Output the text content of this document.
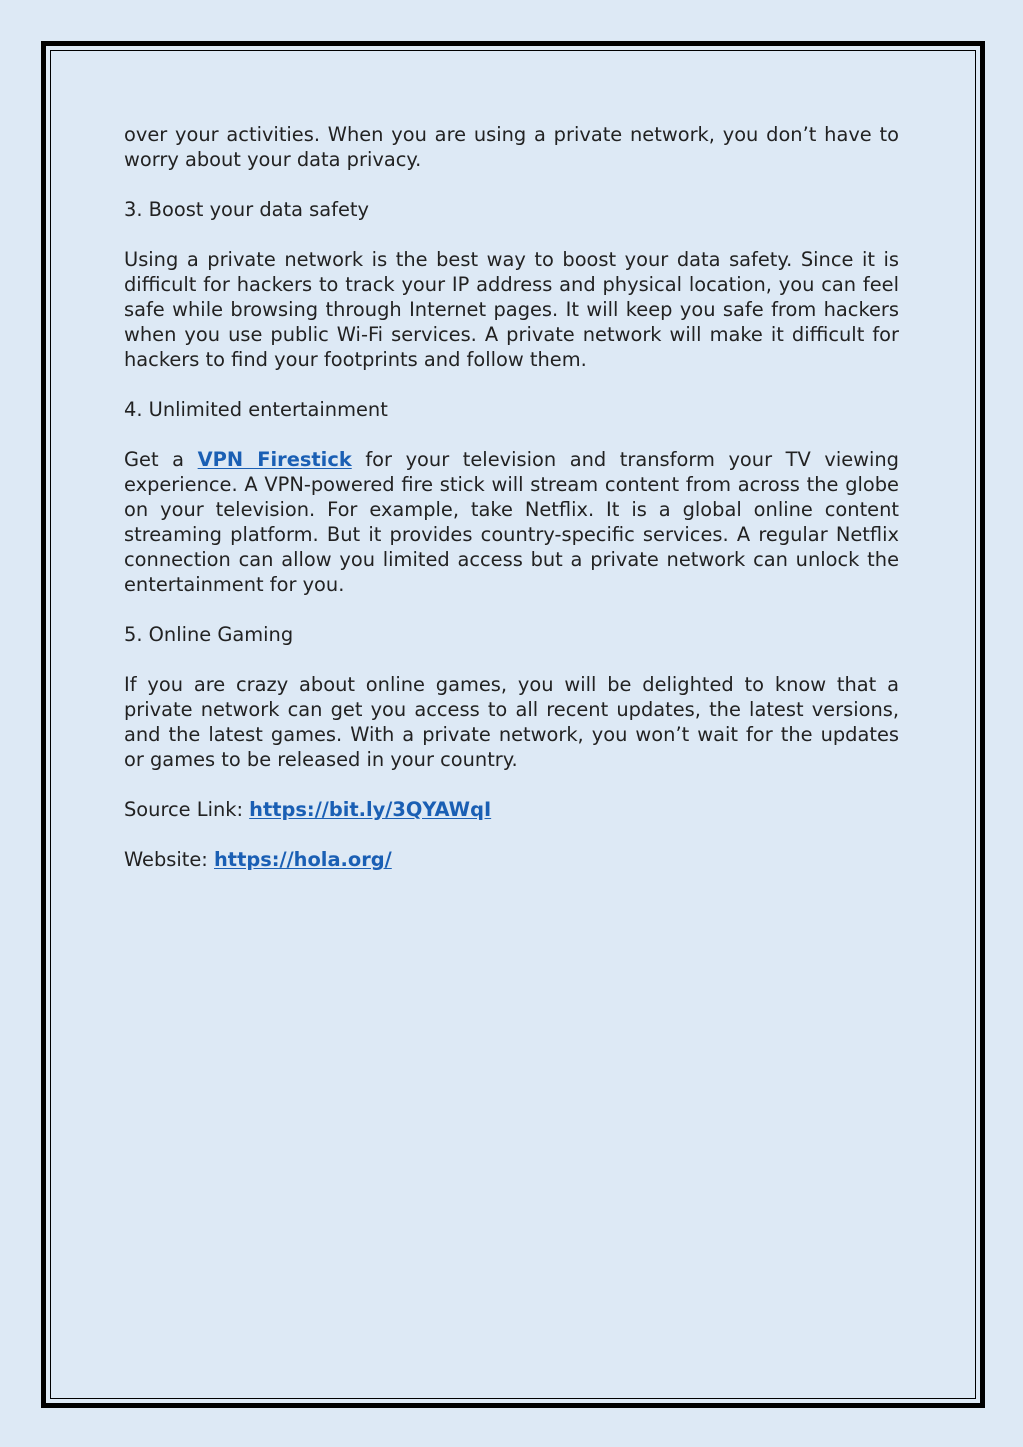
over your activities. When you are using a private network, you don’t have to worry about your data privacy.

3. Boost your data safety

Using a private network is the best way to boost your data safety. Since it is difficult for hackers to track your IP address and physical location, you can feel safe while browsing through Internet pages. It will keep you safe from hackers when you use public Wi-Fi services. A private network will make it difficult for hackers to find your footprints and follow them.

4. Unlimited entertainment

Get a VPN Firestick for your television and transform your TV viewing experience. A VPN-powered fire stick will stream content from across the globe on your television. For example, take Netflix. It is a global online content streaming platform. But it provides country-specific services. A regular Netflix connection can allow you limited access but a private network can unlock the entertainment for you.

5. Online Gaming

If you are crazy about online games, you will be delighted to know that a private network can get you access to all recent updates, the latest versions, and the latest games. With a private network, you won’t wait for the updates or games to be released in your country.

Source Link: https://bit.ly/3QYAWqI

Website: https://hola.org/
